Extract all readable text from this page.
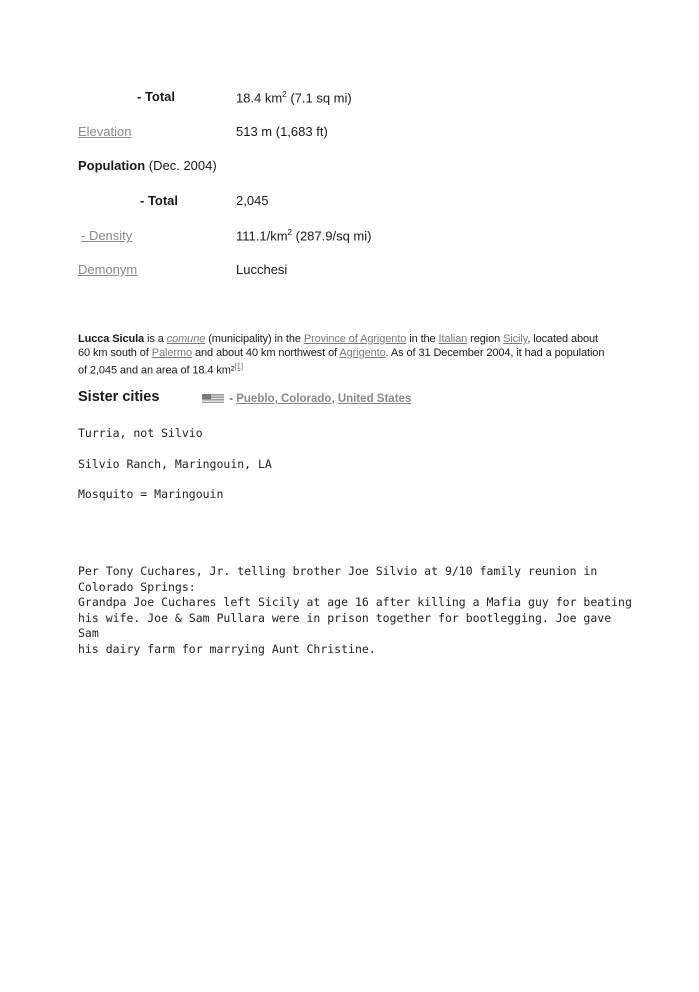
- Total	18.4 $km^2$ (7.1 sq mi)
Elevation	513 m (1,683 ft)
Population (Dec. 2004)
- Total	2,045
- Density	$111.1/km^2$ (287.9/sq mi)
Demonym	Lucchesi
Lucca Sicula is a comune (municipality) in the Province of Agrigento in the Italian region Sicily, located about 60 km south of Palermo and about 40 km northwest of Agrigento. As of 31 December 2004, it had a population of 2,045 and an area of 18.4 km²[1]
Sister cities	- Pueblo, Colorado, United States
Turria, not Silvio
Silvio Ranch, Maringouin, LA
Mosquito = Maringouin
Per Tony Cuchares, Jr. telling brother Joe Silvio at 9/10 family reunion in
Colorado Springs:
Grandpa Joe Cuchares left Sicily at age 16 after killing a Mafia guy for beating
his wife. Joe & Sam Pullara were in prison together for bootlegging. Joe gave Sam
his dairy farm for marrying Aunt Christine.
